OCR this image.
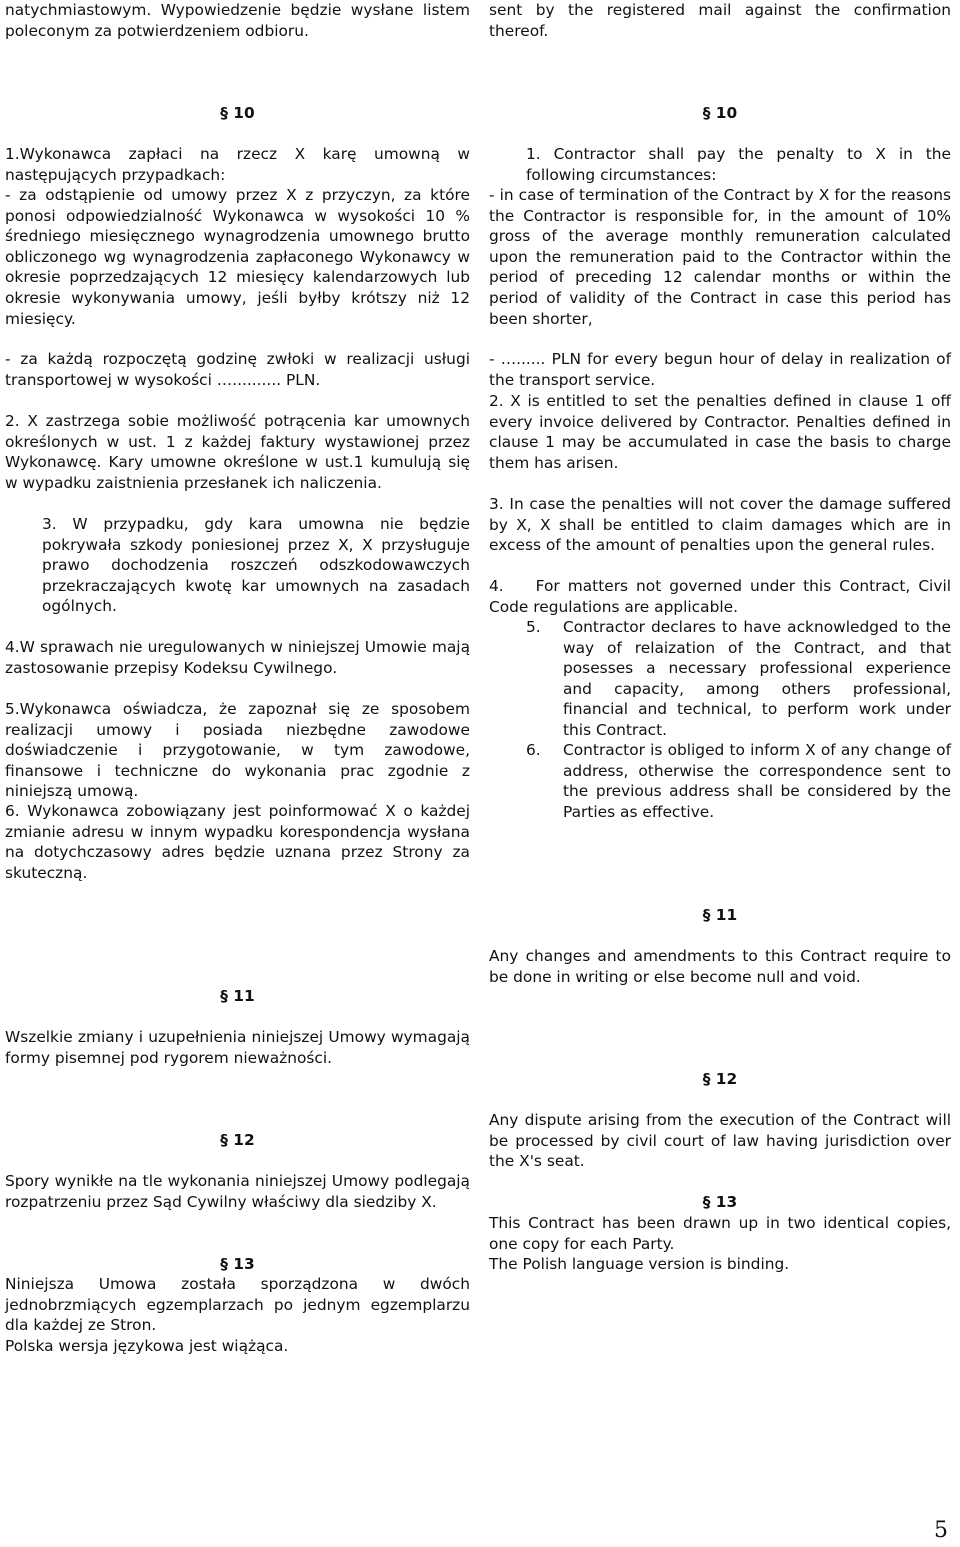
natychmiastowym. Wypowiedzenie będzie wysłane listem poleconym za potwierdzeniem odbioru.

§ 10

1.Wykonawca zapłaci na rzecz X karę umowną w następujących przypadkach:

- za odstąpienie od umowy przez X z przyczyn, za które ponosi odpowiedzialność Wykonawca w wysokości 10 % średniego miesięcznego wynagrodzenia umownego brutto obliczonego wg wynagrodzenia zapłaconego Wykonawcy w okresie poprzedzających 12 miesięcy kalendarzowych lub okresie wykonywania umowy, jeśli byłby krótszy niż 12 miesięcy.

- za każdą rozpoczętą godzinę zwłoki w realizacji usługi transportowej w wysokości ….......... PLN.

2. X zastrzega sobie możliwość potrącenia kar umownych określonych w ust. 1 z każdej faktury wystawionej przez Wykonawcę. Kary umowne określone w ust.1 kumulują się w wypadku zaistnienia przesłanek ich naliczenia.

3. W przypadku, gdy kara umowna nie będzie pokrywała szkody poniesionej przez X, X przysługuje prawo dochodzenia roszczeń odszkodowawczych przekraczających kwotę kar umownych na zasadach ogólnych.

4.W sprawach nie uregulowanych w niniejszej Umowie mają zastosowanie przepisy Kodeksu Cywilnego.

5.Wykonawca oświadcza, że zapoznał się ze sposobem realizacji umowy i posiada niezbędne zawodowe doświadczenie i przygotowanie, w tym zawodowe, finansowe i techniczne do wykonania prac zgodnie z niniejszą umową.

6. Wykonawca zobowiązany jest poinformować X o każdej zmianie adresu w innym wypadku korespondencja wysłana na dotychczasowy adres będzie uznana przez Strony za skuteczną.

§ 11

Wszelkie zmiany i uzupełnienia niniejszej Umowy wymagają formy pisemnej pod rygorem nieważności.

§ 12

Spory wynikłe na tle wykonania niniejszej Umowy podlegają rozpatrzeniu przez Sąd Cywilny właściwy dla siedziby X.

§ 13

Niniejsza Umowa została sporządzona w dwóch jednobrzmiących egzemplarzach po jednym egzemplarzu dla każdej ze Stron.

Polska wersja językowa jest wiążąca.

sent by the registered mail against the confirmation thereof.

§ 10

1. Contractor shall pay the penalty to X in the following circumstances:

- in case of termination of the Contract by X for the reasons the Contractor is responsible for, in the amount of 10% gross of the average monthly remuneration calculated upon the remuneration paid to the Contractor within the period of preceding 12 calendar months or within the period of validity of the Contract in case this period has been shorter,

- …...... PLN for every begun hour of delay in realization of the transport service.

2. X is entitled to set the penalties defined in clause 1 off every invoice delivered by Contractor. Penalties defined in clause 1 may be accumulated in case the basis to charge them has arisen.

3. In case the penalties will not cover the damage suffered by X, X shall be entitled to claim damages which are in excess of the amount of penalties upon the general rules.

4.    For matters not governed under this Contract, Civil Code regulations are applicable.

5.	Contractor declares to have acknowledged to the way of relaization of the Contract, and that posesses a necessary professional experience and capacity, among others professional, financial and technical, to perform work under this Contract.
6.	Contractor is obliged to inform X of any change of address, otherwise the correspondence sent to the previous address shall be considered by the Parties as effective.

§ 11

Any changes and amendments to this Contract require to be done in writing or else become null and void.

§ 12

Any dispute arising from the execution of the Contract will be processed by civil court of law having jurisdiction over the X's seat.

§ 13

This Contract has been drawn up in two identical copies, one copy for each Party.

The Polish language version is binding.

5
